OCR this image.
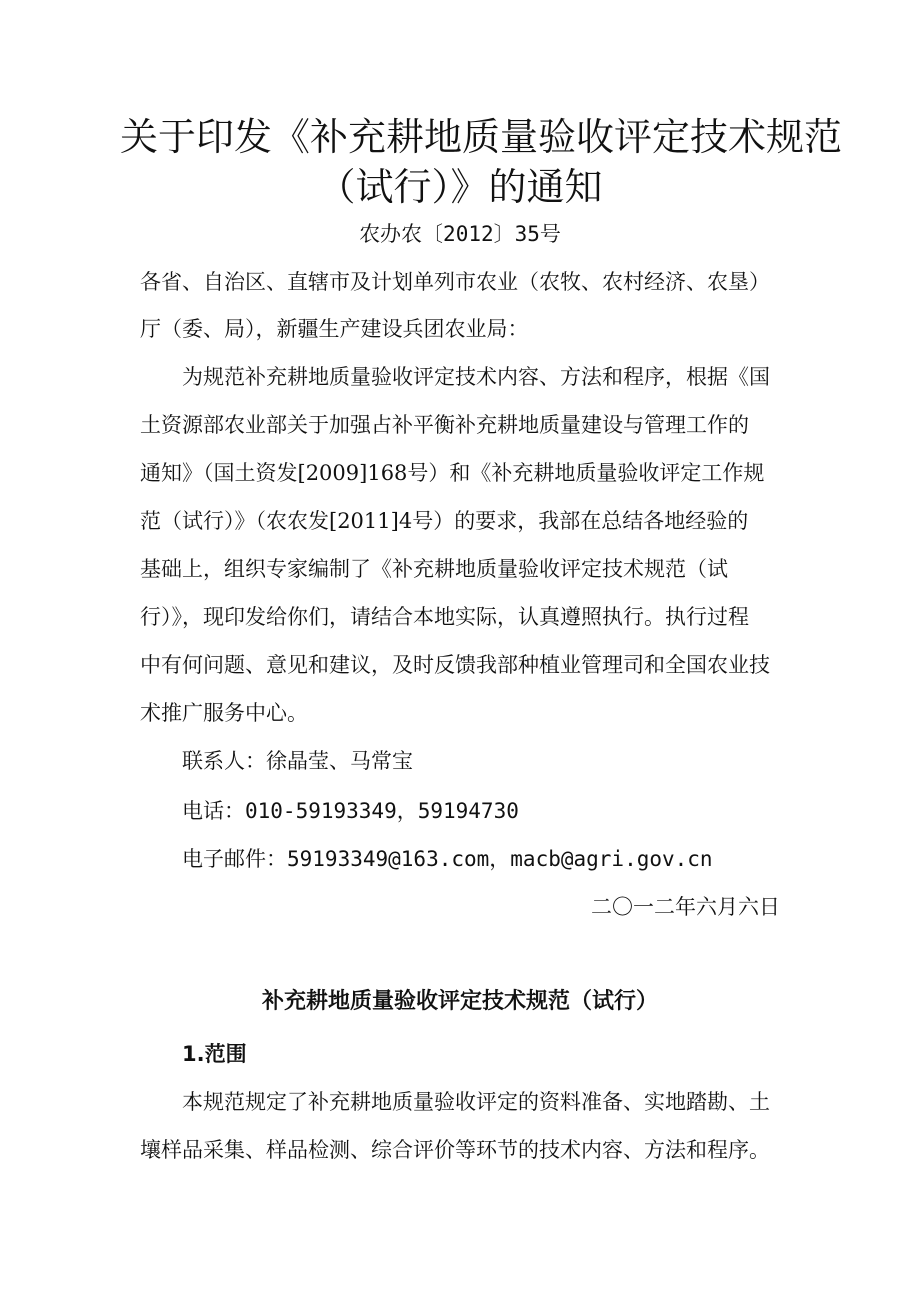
关于印发《补充耕地质量验收评定技术规范
（试行）》的通知
农办农〔2012〕35号
各省、自治区、直辖市及计划单列市农业（农牧、农村经济、农垦）
厅（委、局），新疆生产建设兵团农业局：
为规范补充耕地质量验收评定技术内容、方法和程序，根据《国
土资源部农业部关于加强占补平衡补充耕地质量建设与管理工作的
通知》（国土资发[2009]168号）和《补充耕地质量验收评定工作规
范（试行）》（农农发[2011]4号）的要求，我部在总结各地经验的
基础上，组织专家编制了《补充耕地质量验收评定技术规范（试
行）》，现印发给你们，请结合本地实际，认真遵照执行。执行过程
中有何问题、意见和建议，及时反馈我部种植业管理司和全国农业技
术推广服务中心。
联系人：徐晶莹、马常宝
电话：010-59193349，59194730
电子邮件：59193349@163.com，macb@agri.gov.cn
二〇一二年六月六日
补充耕地质量验收评定技术规范（试行）
1.范围
本规范规定了补充耕地质量验收评定的资料准备、实地踏勘、土
壤样品采集、样品检测、综合评价等环节的技术内容、方法和程序。
